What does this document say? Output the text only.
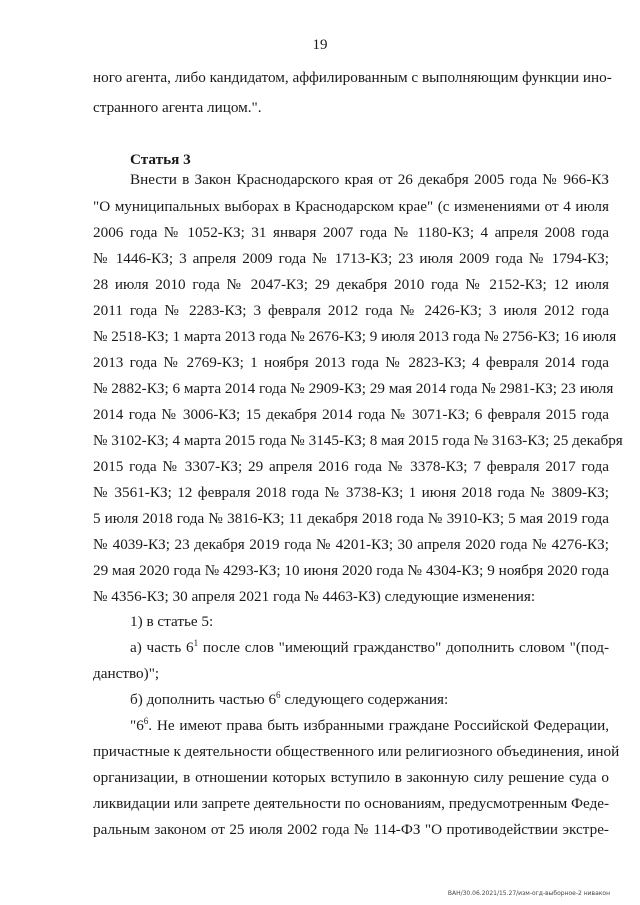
19
ного агента, либо кандидатом, аффилированным с выполняющим функции ино-
странного агента лицом.".
Статья 3
Внести в Закон Краснодарского края от 26 декабря 2005 года № 966-КЗ
"О муниципальных выборах в Краснодарском крае" (с изменениями от 4 июля
2006 года № 1052-КЗ; 31 января 2007 года № 1180-КЗ; 4 апреля 2008 года
№ 1446-КЗ; 3 апреля 2009 года № 1713-КЗ; 23 июля 2009 года № 1794-КЗ;
28 июля 2010 года № 2047-КЗ; 29 декабря 2010 года № 2152-КЗ; 12 июля
2011 года № 2283-КЗ; 3 февраля 2012 года № 2426-КЗ; 3 июля 2012 года
№ 2518-КЗ; 1 марта 2013 года № 2676-КЗ; 9 июля 2013 года № 2756-КЗ; 16 июля
2013 года № 2769-КЗ; 1 ноября 2013 года № 2823-КЗ; 4 февраля 2014 года
№ 2882-КЗ; 6 марта 2014 года № 2909-КЗ; 29 мая 2014 года № 2981-КЗ; 23 июля
2014 года № 3006-КЗ; 15 декабря 2014 года № 3071-КЗ; 6 февраля 2015 года
№ 3102-КЗ; 4 марта 2015 года № 3145-КЗ; 8 мая 2015 года № 3163-КЗ; 25 декабря
2015 года № 3307-КЗ; 29 апреля 2016 года № 3378-КЗ; 7 февраля 2017 года
№ 3561-КЗ; 12 февраля 2018 года № 3738-КЗ; 1 июня 2018 года № 3809-КЗ;
5 июля 2018 года № 3816-КЗ; 11 декабря 2018 года № 3910-КЗ; 5 мая 2019 года
№ 4039-КЗ; 23 декабря 2019 года № 4201-КЗ; 30 апреля 2020 года № 4276-КЗ;
29 мая 2020 года № 4293-КЗ; 10 июня 2020 года № 4304-КЗ; 9 ноября 2020 года
№ 4356-КЗ; 30 апреля 2021 года № 4463-КЗ) следующие изменения:
1) в статье 5:
а) часть $6^1$ после слов "имеющий гражданство" дополнить словом "(под-
данство)";
б) дополнить частью $6^6$ следующего содержания:
"$6^6$. Не имеют права быть избранными граждане Российской Федерации,
причастные к деятельности общественного или религиозного объединения, иной
организации, в отношении которых вступило в законную силу решение суда о
ликвидации или запрете деятельности по основаниям, предусмотренным Феде-
ральным законом от 25 июля 2002 года № 114-ФЗ "О противодействии экстре-
ВАН/30.06.2021/15.27/изм-огд-выборное-2 нивакон
